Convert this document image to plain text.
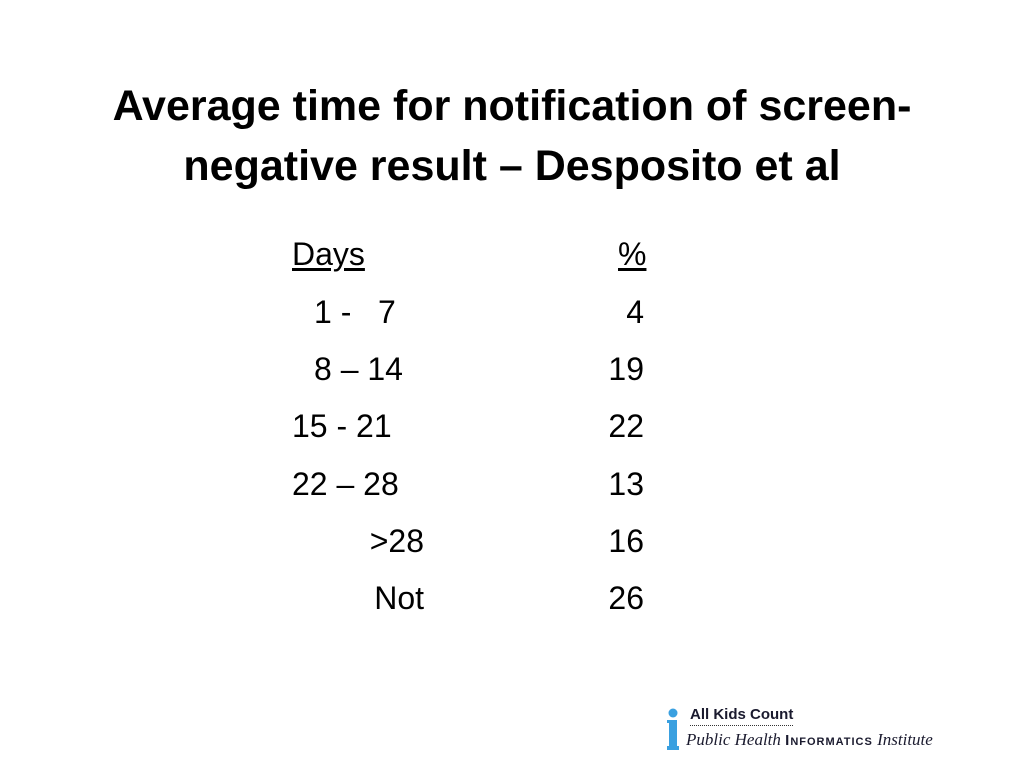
Average time for notification of screen-
negative result – Desposito et al
Days	%
1 -   7	4
8 – 14	19
15 - 21	22
22 – 28	13
>28	16
Not	26
All Kids Count
Public Health Informatics Institute
